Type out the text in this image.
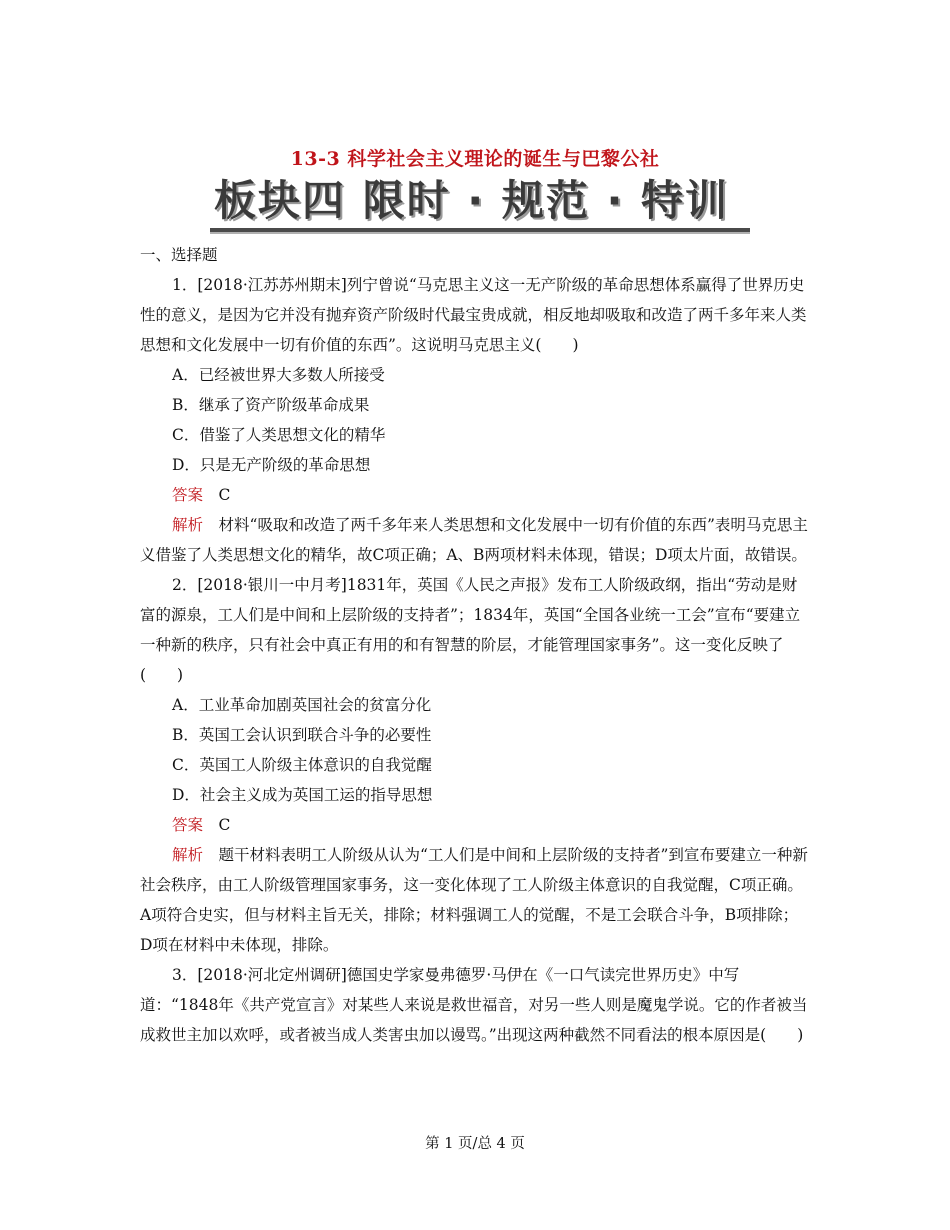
13-3 科学社会主义理论的诞生与巴黎公社
板块四 限时 · 规范 · 特训

一、选择题

1．[2018·江苏苏州期末]列宁曾说“马克思主义这一无产阶级的革命思想体系赢得了世界历史性的意义，是因为它并没有抛弃资产阶级时代最宝贵成就，相反地却吸取和改造了两千多年来人类思想和文化发展中一切有价值的东西”。这说明马克思主义(　　)

A．已经被世界大多数人所接受

B．继承了资产阶级革命成果

C．借鉴了人类思想文化的精华

D．只是无产阶级的革命思想

答案　 C

解析　 材料“吸取和改造了两千多年来人类思想和文化发展中一切有价值的东西”表明马克思主义借鉴了人类思想文化的精华，故C项正确；A、B两项材料未体现，错误；D项太片面，故错误。

2．[2018·银川一中月考]1831年，英国《人民之声报》发布工人阶级政纲，指出“劳动是财富的源泉，工人们是中间和上层阶级的支持者”；1834年，英国“全国各业统一工会”宣布“要建立一种新的秩序，只有社会中真正有用的和有智慧的阶层，才能管理国家事务”。这一变化反映了(　　)

A．工业革命加剧英国社会的贫富分化

B．英国工会认识到联合斗争的必要性

C．英国工人阶级主体意识的自我觉醒

D．社会主义成为英国工运的指导思想

答案　 C

解析　 题干材料表明工人阶级从认为“工人们是中间和上层阶级的支持者”到宣布要建立一种新社会秩序，由工人阶级管理国家事务，这一变化体现了工人阶级主体意识的自我觉醒，C项正确。A项符合史实，但与材料主旨无关，排除；材料强调工人的觉醒，不是工会联合斗争，B项排除；D项在材料中未体现，排除。

3．[2018·河北定州调研]德国史学家曼弗德罗·马伊在《一口气读完世界历史》中写道：“1848年《共产党宣言》对某些人来说是救世福音，对另一些人则是魔鬼学说。它的作者被当成救世主加以欢呼，或者被当成人类害虫加以谩骂。”出现这两种截然不同看法的根本原因是(　　)

第 1 页/总 4 页
